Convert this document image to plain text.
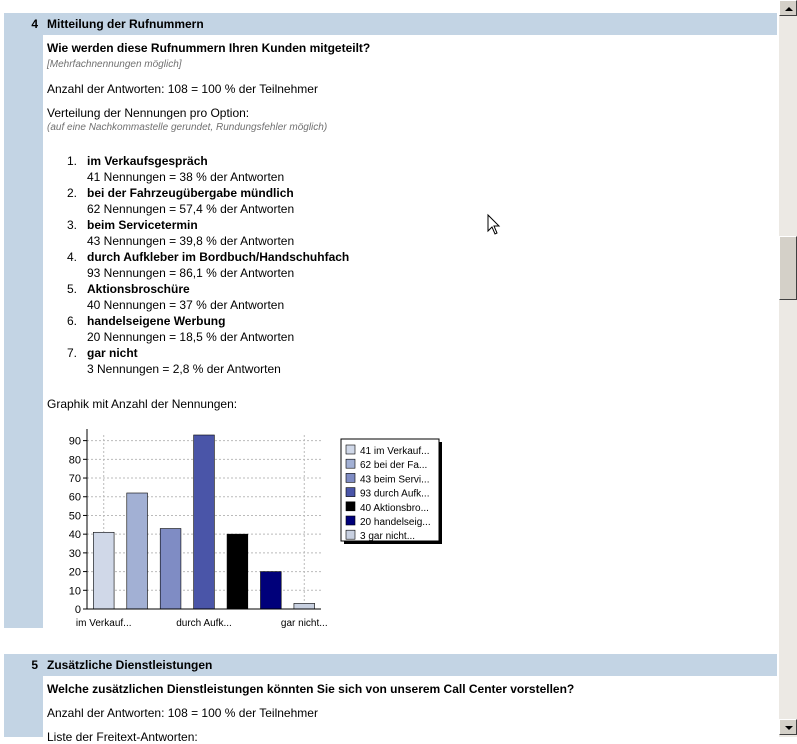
4 Mitteilung der Rufnummern
Wie werden diese Rufnummern Ihren Kunden mitgeteilt?
[Mehrfachnennungen möglich]
Anzahl der Antworten: 108 = 100 % der Teilnehmer
Verteilung der Nennungen pro Option:
(auf eine Nachkommastelle gerundet, Rundungsfehler möglich)
1. im Verkaufsgespräch
41 Nennungen = 38 % der Antworten
2. bei der Fahrzeugübergabe mündlich
62 Nennungen = 57,4 % der Antworten
3. beim Servicetermin
43 Nennungen = 39,8 % der Antworten
4. durch Aufkleber im Bordbuch/Handschuhfach
93 Nennungen = 86,1 % der Antworten
5. Aktionsbroschüre
40 Nennungen = 37 % der Antworten
6. handelseigene Werbung
20 Nennungen = 18,5 % der Antworten
7. gar nicht
3 Nennungen = 2,8 % der Antworten
Graphik mit Anzahl der Nennungen:
0
10
20
30
40
50
60
70
80
90
im Verkauf...	durch Aufk...	gar nicht...
41 im Verkauf...
62 bei der Fa...
43 beim Servi...
93 durch Aufk...
40 Aktionsbro...
20 handelseig...
3 gar nicht...
5 Zusätzliche Dienstleistungen
Welche zusätzlichen Dienstleistungen könnten Sie sich von unserem Call Center vorstellen?
Anzahl der Antworten: 108 = 100 % der Teilnehmer
Liste der Freitext-Antworten:
